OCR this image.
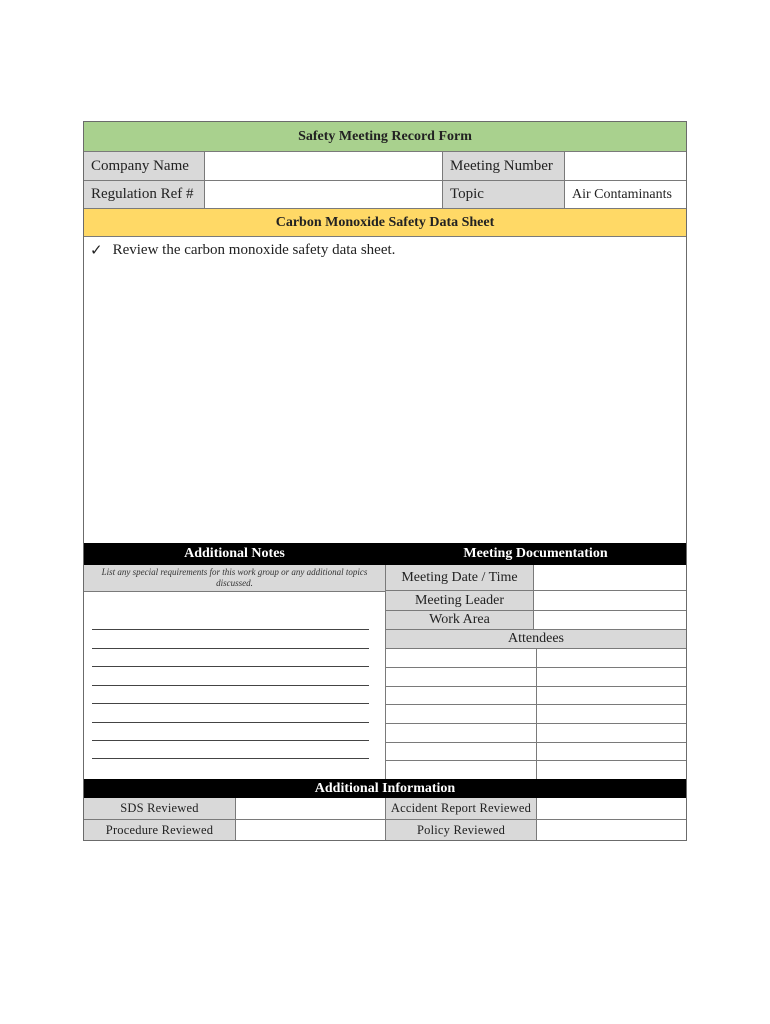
Safety Meeting Record Form
Company Name	Meeting Number
Regulation Ref #	Topic	Air Contaminants
Carbon Monoxide Safety Data Sheet
✓ Review the carbon monoxide safety data sheet.
Additional Notes	Meeting Documentation
List any special requirements for this work group or any additional topics discussed.	Meeting Date / Time
Meeting Leader
Work Area
Attendees
Additional Information
SDS Reviewed	Accident Report Reviewed
Procedure Reviewed	Policy Reviewed
